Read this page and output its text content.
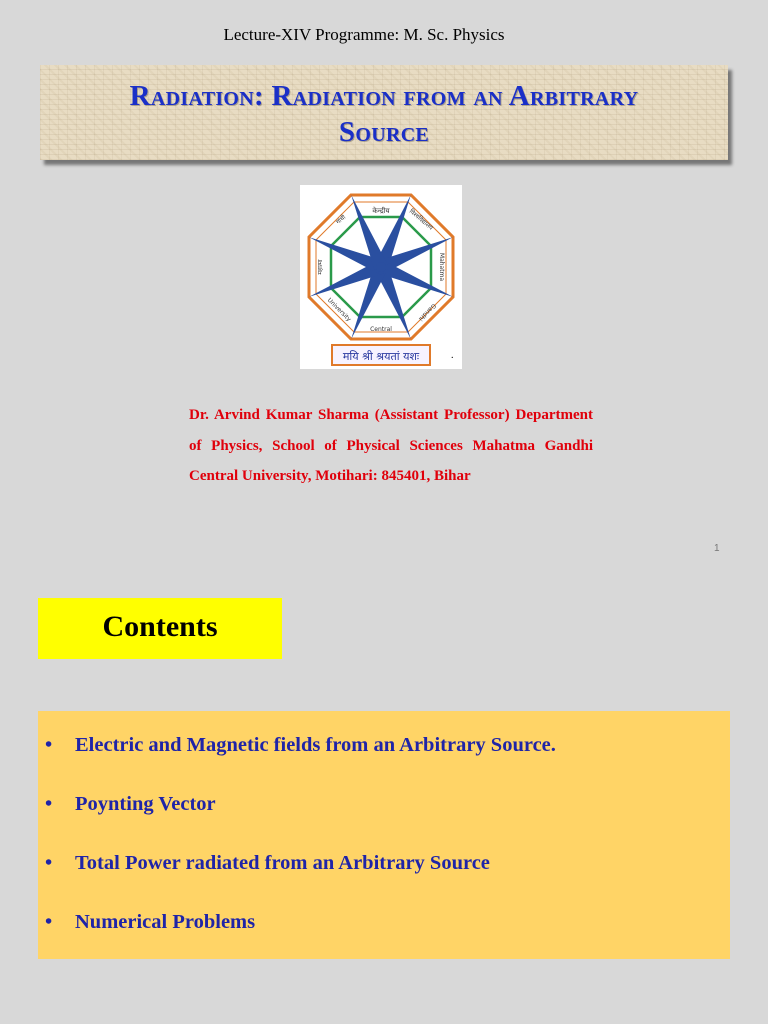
Lecture-XIV Programme: M. Sc. Physics
Radiation: Radiation from an Arbitrary
Source
केन्द्रीय	विश्वविद्यालय
Mahatma
Gandhi
Central
University
महात्मा
गांधी
मयि श्री श्रयतां यशः	.
Dr. Arvind Kumar Sharma (Assistant Professor) Department of Physics, School of Physical Sciences Mahatma Gandhi Central University, Motihari: 845401, Bihar
1
Contents
• Electric and Magnetic fields from an Arbitrary Source.
• Poynting Vector
• Total Power radiated from an Arbitrary Source
• Numerical Problems
